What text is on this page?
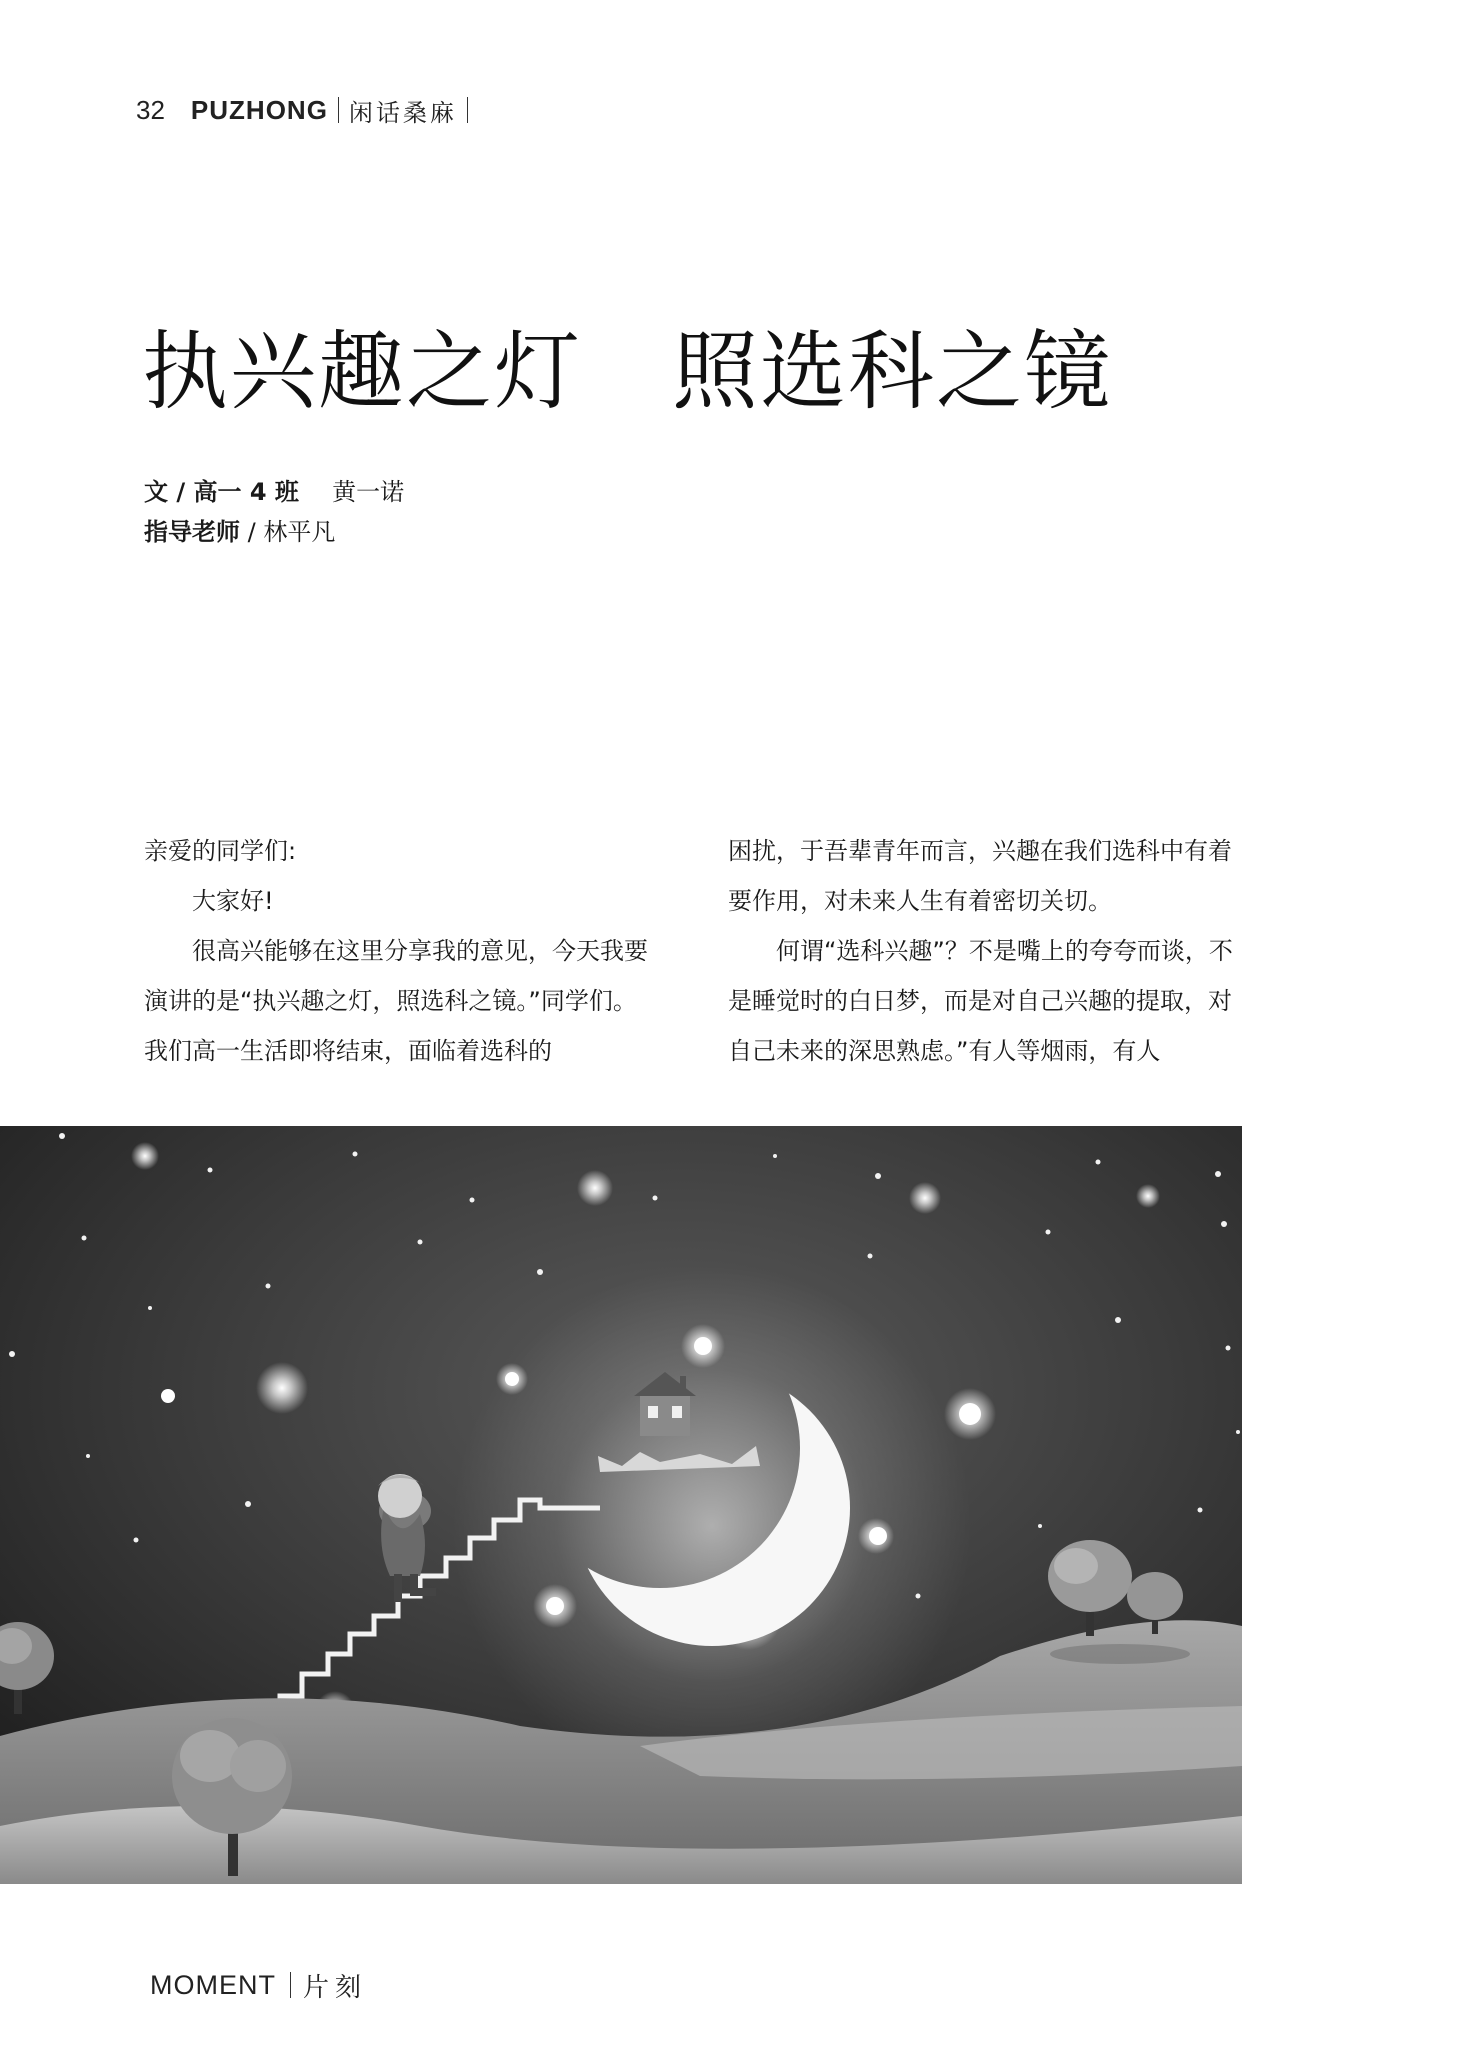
32 PUZHONG 闲话桑麻
执兴趣之灯 照选科之镜
文 / 高一 4 班 黄一诺
指导老师 / 林平凡

亲爱的同学们:

大家好!

很高兴能够在这里分享我的意见，今天我要演讲的是“执兴趣之灯，照选科之镜。”同学们。我们高一生活即将结束，面临着选科的

困扰，于吾辈青年而言，兴趣在我们选科中有着要作用，对未来人生有着密切关切。

何谓“选科兴趣”？不是嘴上的夸夸而谈，不是睡觉时的白日梦，而是对自己兴趣的提取，对自己未来的深思熟虑。”有人等烟雨，有人

MOMENT 片刻
